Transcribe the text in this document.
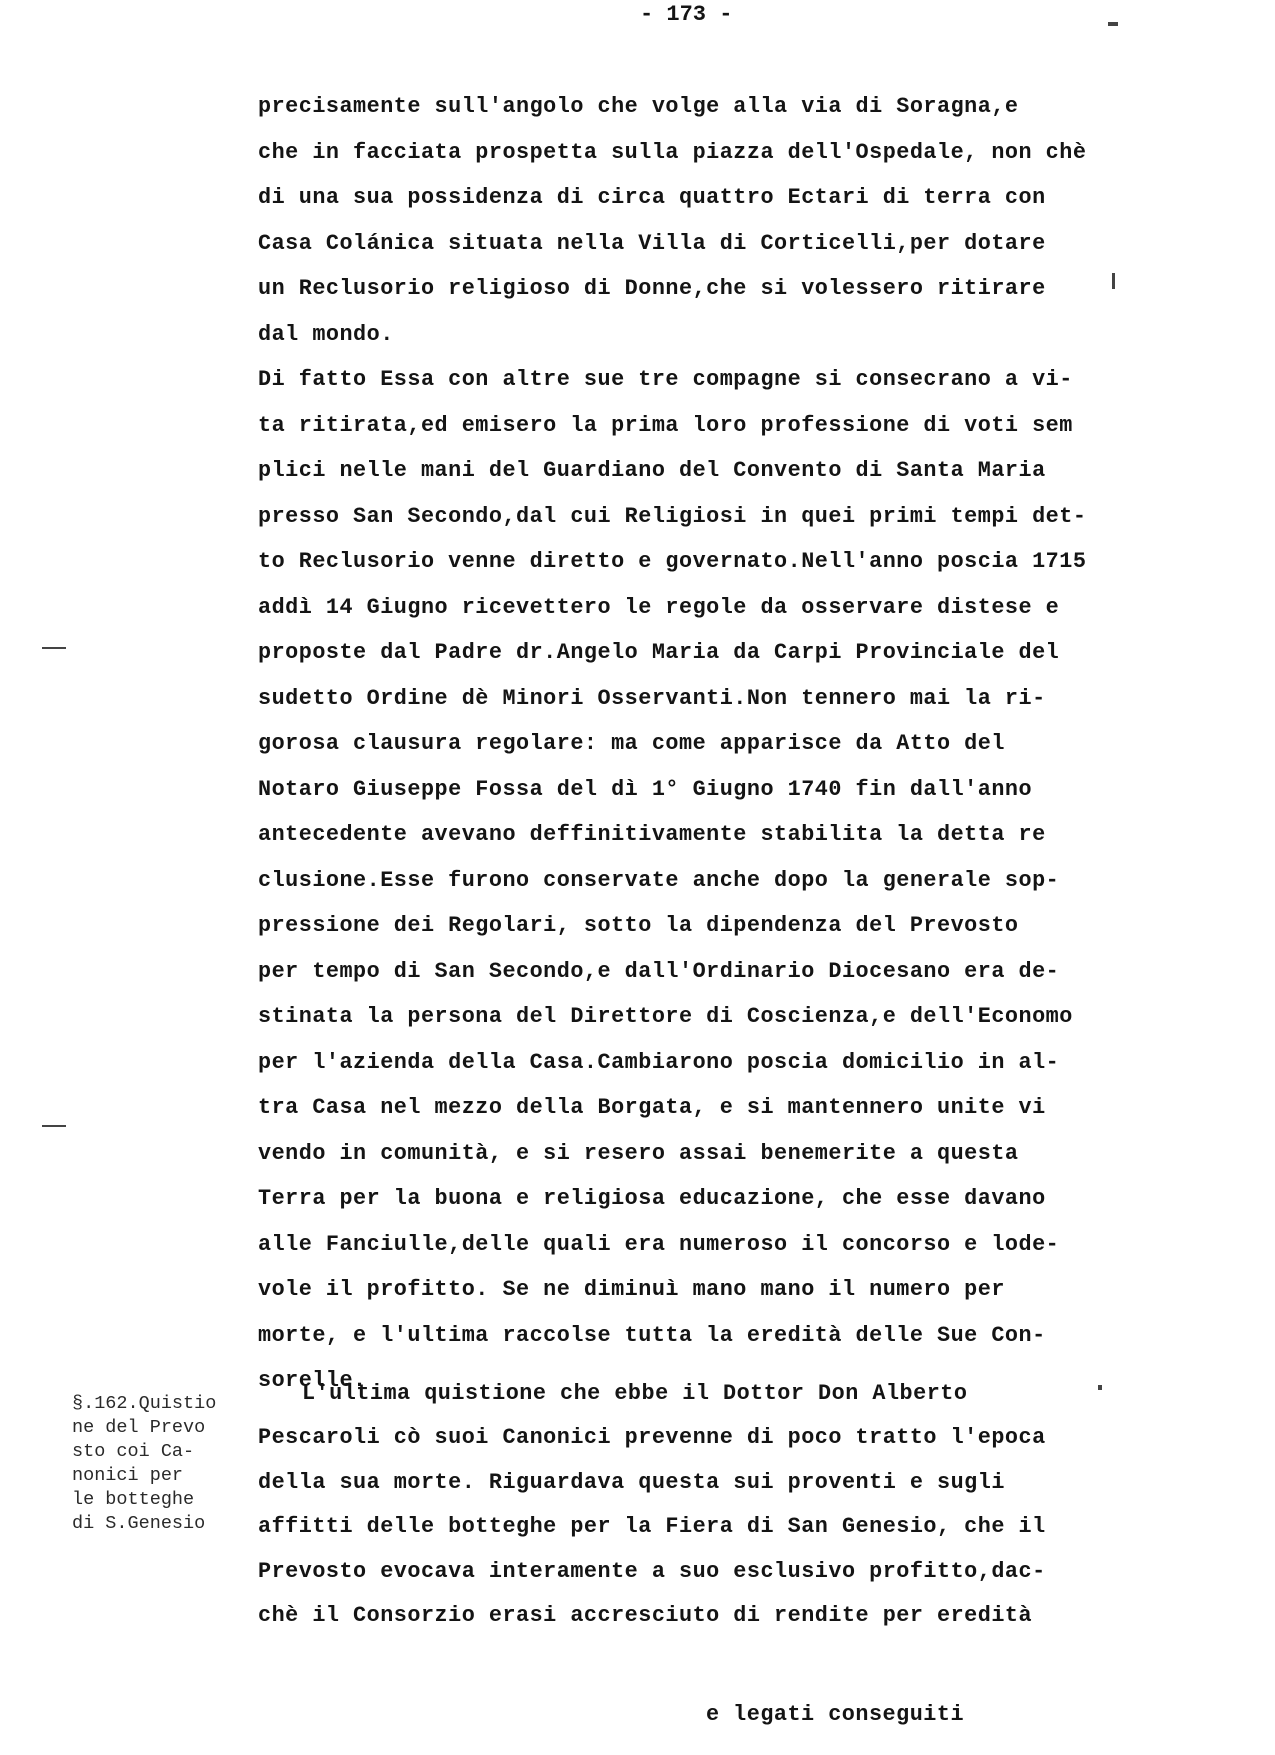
- 173 -
precisamente sull'angolo che volge alla via di Soragna,e
che in facciata prospetta sulla piazza dell'Ospedale, non chè
di una sua possidenza di circa quattro Ectari di terra con
Casa Colánica situata nella Villa di Corticelli,per dotare
un Reclusorio religioso di Donne,che si volessero ritirare
dal mondo.
Di fatto Essa con altre sue tre compagne si consecrano a vi-
ta ritirata,ed emisero la prima loro professione di voti sem
plici nelle mani del Guardiano del Convento di Santa Maria
presso San Secondo,dal cui Religiosi in quei primi tempi det-
to Reclusorio venne diretto e governato.Nell'anno poscia 1715
addì 14 Giugno ricevettero le regole da osservare distese e
proposte dal Padre dr.Angelo Maria da Carpi Provinciale del
sudetto Ordine dè Minori Osservanti.Non tennero mai la ri-
gorosa clausura regolare: ma come apparisce da Atto del
Notaro Giuseppe Fossa del dì 1° Giugno 1740 fin dall'anno
antecedente avevano deffinitivamente stabilita la detta re
clusione.Esse furono conservate anche dopo la generale sop-
pressione dei Regolari, sotto la dipendenza del Prevosto
per tempo di San Secondo,e dall'Ordinario Diocesano era de-
stinata la persona del Direttore di Coscienza,e dell'Economo
per l'azienda della Casa.Cambiarono poscia domicilio in al-
tra Casa nel mezzo della Borgata, e si mantennero unite vi
vendo in comunità, e si resero assai benemerite a questa
Terra per la buona e religiosa educazione, che esse davano
alle Fanciulle,delle quali era numeroso il concorso e lode-
vole il profitto. Se ne diminuì mano mano il numero per
morte, e l'ultima raccolse tutta la eredità delle Sue Con-
sorelle.
L'ultima quistione che ebbe il Dottor Don Alberto
Pescaroli cò suoi Canonici prevenne di poco tratto l'epoca
della sua morte. Riguardava questa sui proventi e sugli
affitti delle botteghe per la Fiera di San Genesio, che il
Prevosto evocava interamente a suo esclusivo profitto,dac-
chè il Consorzio erasi accresciuto di rendite per eredità
§.162.Quistio
ne del Prevo
sto coi Ca-
nonici per
le botteghe
di S.Genesio
e legati conseguiti
